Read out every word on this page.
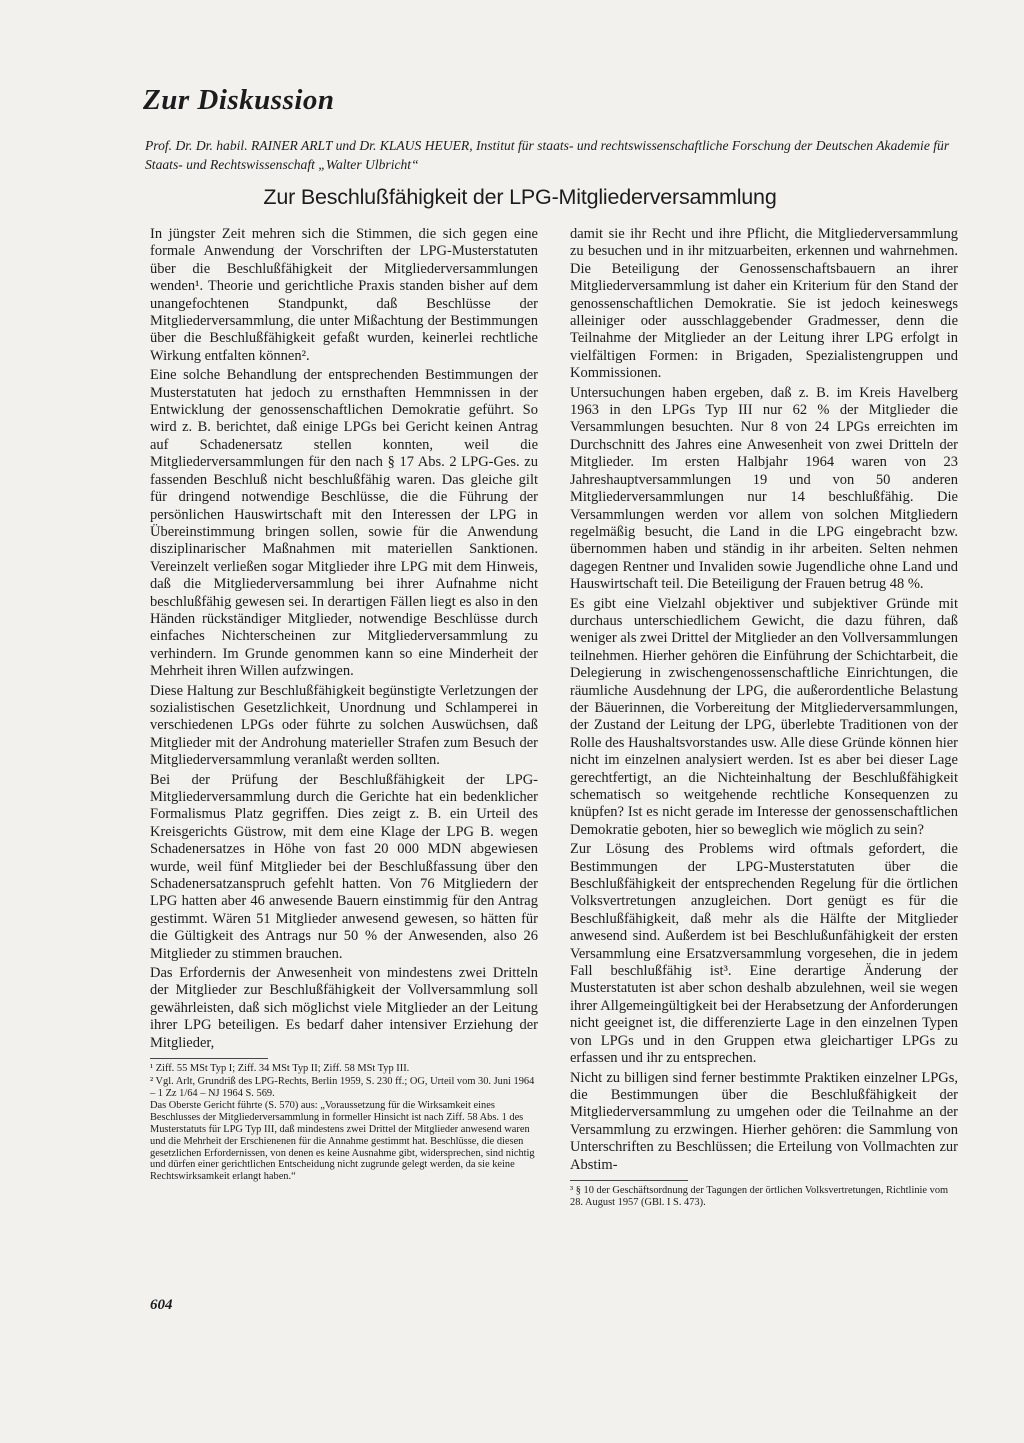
Zur Diskussion
Prof. Dr. Dr. habil. RAINER ARLT und Dr. KLAUS HEUER, Institut für staats- und rechtswissenschaftliche Forschung der Deutschen Akademie für Staats- und Rechtswissenschaft „Walter Ulbricht“
Zur Beschlußfähigkeit der LPG-Mitgliederversammlung

In jüngster Zeit mehren sich die Stimmen, die sich gegen eine formale Anwendung der Vorschriften der LPG-Musterstatuten über die Beschlußfähigkeit der Mitgliederversammlungen wenden¹. Theorie und gerichtliche Praxis standen bisher auf dem unangefochtenen Standpunkt, daß Beschlüsse der Mitgliederversammlung, die unter Mißachtung der Bestimmungen über die Beschlußfähigkeit gefaßt wurden, keinerlei rechtliche Wirkung entfalten können².

Eine solche Behandlung der entsprechenden Bestimmungen der Musterstatuten hat jedoch zu ernsthaften Hemmnissen in der Entwicklung der genossenschaftlichen Demokratie geführt. So wird z. B. berichtet, daß einige LPGs bei Gericht keinen Antrag auf Schadenersatz stellen konnten, weil die Mitgliederversammlungen für den nach § 17 Abs. 2 LPG-Ges. zu fassenden Beschluß nicht beschlußfähig waren. Das gleiche gilt für dringend notwendige Beschlüsse, die die Führung der persönlichen Hauswirtschaft mit den Interessen der LPG in Übereinstimmung bringen sollen, sowie für die Anwendung disziplinarischer Maßnahmen mit materiellen Sanktionen. Vereinzelt verließen sogar Mitglieder ihre LPG mit dem Hinweis, daß die Mitgliederversammlung bei ihrer Aufnahme nicht beschlußfähig gewesen sei. In derartigen Fällen liegt es also in den Händen rückständiger Mitglieder, notwendige Beschlüsse durch einfaches Nichterscheinen zur Mitgliederversammlung zu verhindern. Im Grunde genommen kann so eine Minderheit der Mehrheit ihren Willen aufzwingen.

Diese Haltung zur Beschlußfähigkeit begünstigte Verletzungen der sozialistischen Gesetzlichkeit, Unordnung und Schlamperei in verschiedenen LPGs oder führte zu solchen Auswüchsen, daß Mitglieder mit der Androhung materieller Strafen zum Besuch der Mitgliederversammlung veranlaßt werden sollten.

Bei der Prüfung der Beschlußfähigkeit der LPG-Mitgliederversammlung durch die Gerichte hat ein bedenklicher Formalismus Platz gegriffen. Dies zeigt z. B. ein Urteil des Kreisgerichts Güstrow, mit dem eine Klage der LPG B. wegen Schadenersatzes in Höhe von fast 20 000 MDN abgewiesen wurde, weil fünf Mitglieder bei der Beschlußfassung über den Schadenersatzanspruch gefehlt hatten. Von 76 Mitgliedern der LPG hatten aber 46 anwesende Bauern einstimmig für den Antrag gestimmt. Wären 51 Mitglieder anwesend gewesen, so hätten für die Gültigkeit des Antrags nur 50 % der Anwesenden, also 26 Mitglieder zu stimmen brauchen.

Das Erfordernis der Anwesenheit von mindestens zwei Dritteln der Mitglieder zur Beschlußfähigkeit der Vollversammlung soll gewährleisten, daß sich möglichst viele Mitglieder an der Leitung ihrer LPG beteiligen. Es bedarf daher intensiver Erziehung der Mitglieder,

¹ Ziff. 55 MSt Typ I; Ziff. 34 MSt Typ II; Ziff. 58 MSt Typ III.

² Vgl. Arlt, Grundriß des LPG-Rechts, Berlin 1959, S. 230 ff.; OG, Urteil vom 30. Juni 1964 – 1 Zz 1/64 – NJ 1964 S. 569.

Das Oberste Gericht führte (S. 570) aus: „Voraussetzung für die Wirksamkeit eines Beschlusses der Mitgliederversammlung in formeller Hinsicht ist nach Ziff. 58 Abs. 1 des Musterstatuts für LPG Typ III, daß mindestens zwei Drittel der Mitglieder anwesend waren und die Mehrheit der Erschienenen für die Annahme gestimmt hat. Beschlüsse, die diesen gesetzlichen Erfordernissen, von denen es keine Ausnahme gibt, widersprechen, sind nichtig und dürfen einer gerichtlichen Entscheidung nicht zugrunde gelegt werden, da sie keine Rechtswirksamkeit erlangt haben.“

damit sie ihr Recht und ihre Pflicht, die Mitgliederversammlung zu besuchen und in ihr mitzuarbeiten, erkennen und wahrnehmen. Die Beteiligung der Genossenschaftsbauern an ihrer Mitgliederversammlung ist daher ein Kriterium für den Stand der genossenschaftlichen Demokratie. Sie ist jedoch keineswegs alleiniger oder ausschlaggebender Gradmesser, denn die Teilnahme der Mitglieder an der Leitung ihrer LPG erfolgt in vielfältigen Formen: in Brigaden, Spezialistengruppen und Kommissionen.

Untersuchungen haben ergeben, daß z. B. im Kreis Havelberg 1963 in den LPGs Typ III nur 62 % der Mitglieder die Versammlungen besuchten. Nur 8 von 24 LPGs erreichten im Durchschnitt des Jahres eine Anwesenheit von zwei Dritteln der Mitglieder. Im ersten Halbjahr 1964 waren von 23 Jahreshauptversammlungen 19 und von 50 anderen Mitgliederversammlungen nur 14 beschlußfähig. Die Versammlungen werden vor allem von solchen Mitgliedern regelmäßig besucht, die Land in die LPG eingebracht bzw. übernommen haben und ständig in ihr arbeiten. Selten nehmen dagegen Rentner und Invaliden sowie Jugendliche ohne Land und Hauswirtschaft teil. Die Beteiligung der Frauen betrug 48 %.

Es gibt eine Vielzahl objektiver und subjektiver Gründe mit durchaus unterschiedlichem Gewicht, die dazu führen, daß weniger als zwei Drittel der Mitglieder an den Vollversammlungen teilnehmen. Hierher gehören die Einführung der Schichtarbeit, die Delegierung in zwischengenossenschaftliche Einrichtungen, die räumliche Ausdehnung der LPG, die außerordentliche Belastung der Bäuerinnen, die Vorbereitung der Mitgliederversammlungen, der Zustand der Leitung der LPG, überlebte Traditionen von der Rolle des Haushaltsvorstandes usw. Alle diese Gründe können hier nicht im einzelnen analysiert werden. Ist es aber bei dieser Lage gerechtfertigt, an die Nichteinhaltung der Beschlußfähigkeit schematisch so weitgehende rechtliche Konsequenzen zu knüpfen? Ist es nicht gerade im Interesse der genossenschaftlichen Demokratie geboten, hier so beweglich wie möglich zu sein?

Zur Lösung des Problems wird oftmals gefordert, die Bestimmungen der LPG-Musterstatuten über die Beschlußfähigkeit der entsprechenden Regelung für die örtlichen Volksvertretungen anzugleichen. Dort genügt es für die Beschlußfähigkeit, daß mehr als die Hälfte der Mitglieder anwesend sind. Außerdem ist bei Beschlußunfähigkeit der ersten Versammlung eine Ersatzversammlung vorgesehen, die in jedem Fall beschlußfähig ist³. Eine derartige Änderung der Musterstatuten ist aber schon deshalb abzulehnen, weil sie wegen ihrer Allgemeingültigkeit bei der Herabsetzung der Anforderungen nicht geeignet ist, die differenzierte Lage in den einzelnen Typen von LPGs und in den Gruppen etwa gleichartiger LPGs zu erfassen und ihr zu entsprechen.

Nicht zu billigen sind ferner bestimmte Praktiken einzelner LPGs, die Bestimmungen über die Beschlußfähigkeit der Mitgliederversammlung zu umgehen oder die Teilnahme an der Versammlung zu erzwingen. Hierher gehören: die Sammlung von Unterschriften zu Beschlüssen; die Erteilung von Vollmachten zur Abstim-

³ § 10 der Geschäftsordnung der Tagungen der örtlichen Volksvertretungen, Richtlinie vom 28. August 1957 (GBl. I S. 473).

604
